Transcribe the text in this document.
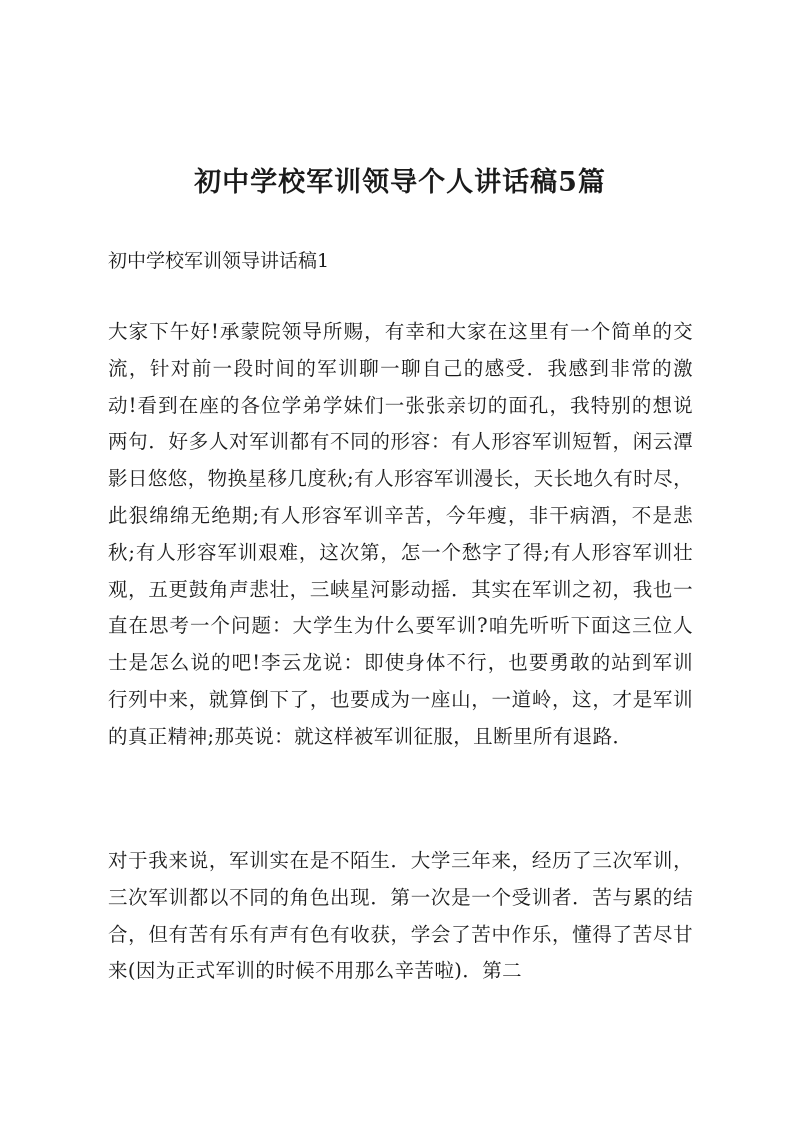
初中学校军训领导个人讲话稿5篇

初中学校军训领导讲话稿1

大家下午好!承蒙院领导所赐，有幸和大家在这里有一个简单的交流，针对前一段时间的军训聊一聊自己的感受．我感到非常的激动!看到在座的各位学弟学妹们一张张亲切的面孔，我特别的想说两句．好多人对军训都有不同的形容：有人形容军训短暂，闲云潭影日悠悠，物换星移几度秋;有人形容军训漫长，天长地久有时尽，此狠绵绵无绝期;有人形容军训辛苦，今年瘦，非干病酒，不是悲秋;有人形容军训艰难，这次第，怎一个愁字了得;有人形容军训壮观，五更鼓角声悲壮，三峡星河影动摇．其实在军训之初，我也一直在思考一个问题：大学生为什么要军训?咱先听听下面这三位人士是怎么说的吧!李云龙说：即使身体不行，也要勇敢的站到军训行列中来，就算倒下了，也要成为一座山，一道岭，这，才是军训的真正精神;那英说：就这样被军训征服，且断里所有退路．

对于我来说，军训实在是不陌生．大学三年来，经历了三次军训，三次军训都以不同的角色出现．第一次是一个受训者．苦与累的结合，但有苦有乐有声有色有收获，学会了苦中作乐，懂得了苦尽甘来(因为正式军训的时候不用那么辛苦啦)．第二
